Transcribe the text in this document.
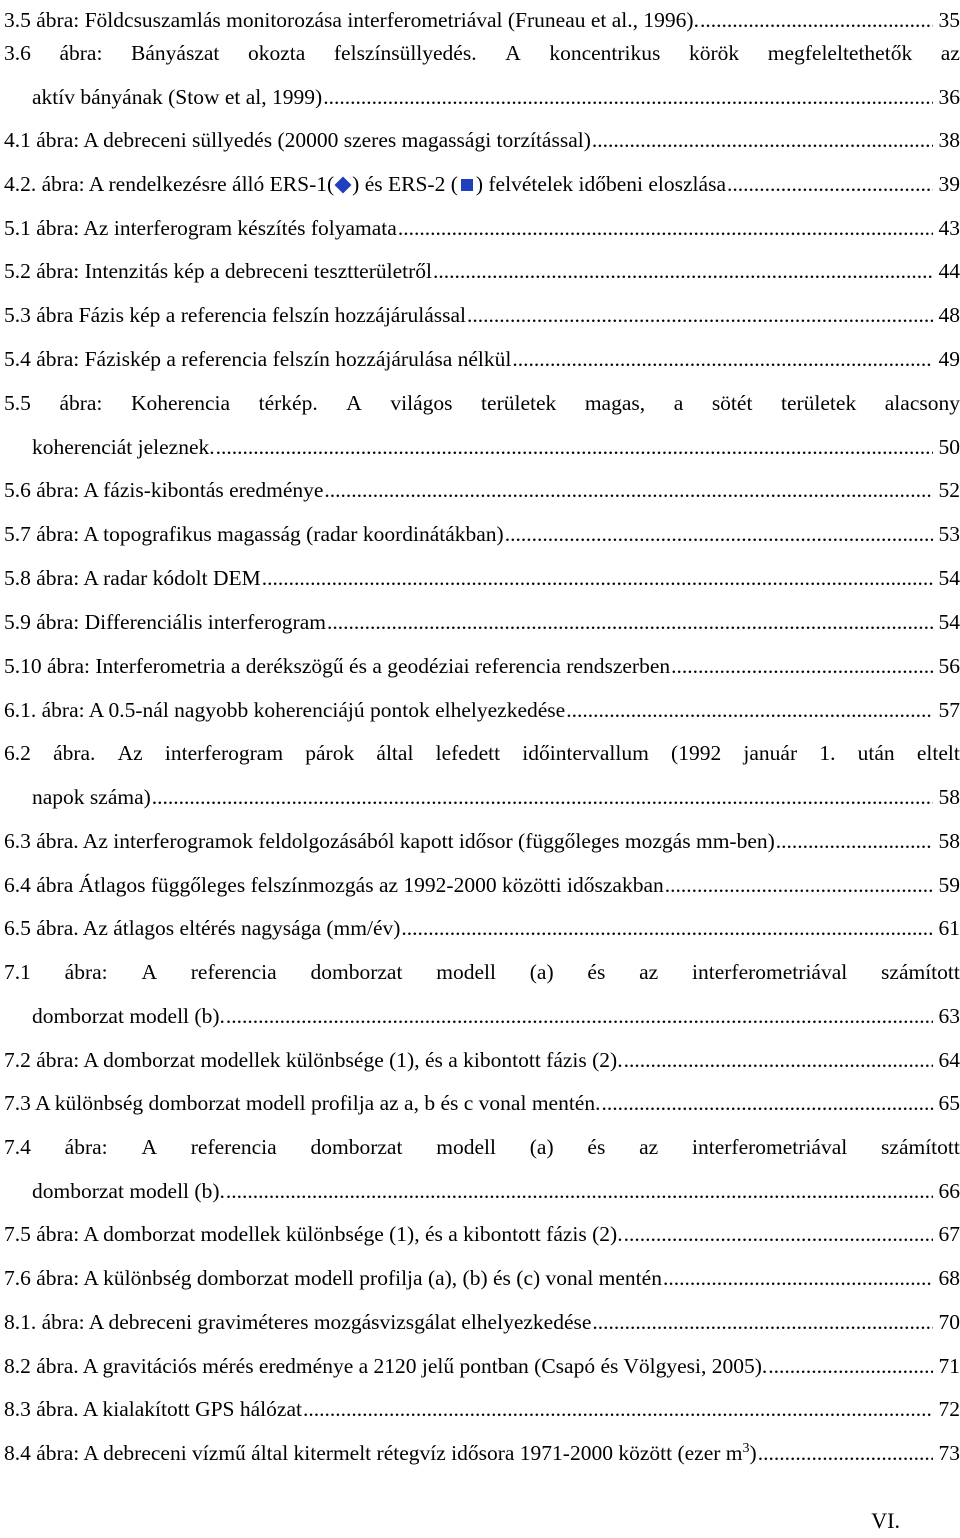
3.5 ábra: Földcsuszamlás monitorozása interferometriával (Fruneau et al., 1996). .....	35
3.6 ábra: Bányászat okozta felszínsüllyedés. A koncentrikus körök megfeleltethetők az
aktív bányának (Stow et al, 1999) .....	36
4.1 ábra: A debreceni süllyedés (20000 szeres magassági torzítással) .....	38
4.2. ábra: A rendelkezésre álló ERS-1( ) és ERS-2 ( ) felvételek időbeni eloszlása .....	39
5.1 ábra: Az interferogram készítés folyamata .....	43
5.2 ábra: Intenzitás kép a debreceni tesztterületről .....	44
5.3 ábra Fázis kép a referencia felszín hozzájárulással .....	48
5.4 ábra: Fáziskép a referencia felszín hozzájárulása nélkül .....	49
5.5 ábra: Koherencia térkép. A világos területek magas, a sötét területek alacsony
koherenciát jeleznek. .....	50
5.6 ábra: A fázis-kibontás eredménye .....	52
5.7 ábra: A topografikus magasság (radar koordinátákban) .....	53
5.8 ábra: A radar kódolt DEM .....	54
5.9 ábra: Differenciális interferogram .....	54
5.10 ábra: Interferometria a derékszögű és a geodéziai referencia rendszerben .....	56
6.1. ábra: A 0.5-nál nagyobb koherenciájú pontok elhelyezkedése .....	57
6.2 ábra. Az interferogram párok által lefedett időintervallum (1992 január 1. után eltelt
napok száma) .....	58
6.3 ábra. Az interferogramok feldolgozásából kapott idősor (függőleges mozgás mm-ben) .....	58
6.4 ábra Átlagos függőleges felszínmozgás az 1992-2000 közötti időszakban .....	59
6.5 ábra. Az átlagos eltérés nagysága (mm/év) .....	61
7.1 ábra: A referencia domborzat modell (a) és az interferometriával számított
domborzat modell (b). .....	63
7.2 ábra: A domborzat modellek különbsége (1), és a kibontott fázis (2). .....	64
7.3 A különbség domborzat modell profilja az a, b és c vonal mentén. .....	65
7.4 ábra: A referencia domborzat modell (a) és az interferometriával számított
domborzat modell (b). .....	66
7.5 ábra: A domborzat modellek különbsége (1), és a kibontott fázis (2). .....	67
7.6 ábra: A különbség domborzat modell profilja (a), (b) és (c) vonal mentén .....	68
8.1. ábra: A debreceni graviméteres mozgásvizsgálat elhelyezkedése .....	70
8.2 ábra. A gravitációs mérés eredménye a 2120 jelű pontban (Csapó és Völgyesi, 2005). .....	71
8.3 ábra. A kialakított GPS hálózat .....	72
8.4 ábra: A debreceni vízmű által kitermelt rétegvíz idősora 1971-2000 között (ezer $m^3$) .....	73
VI.
